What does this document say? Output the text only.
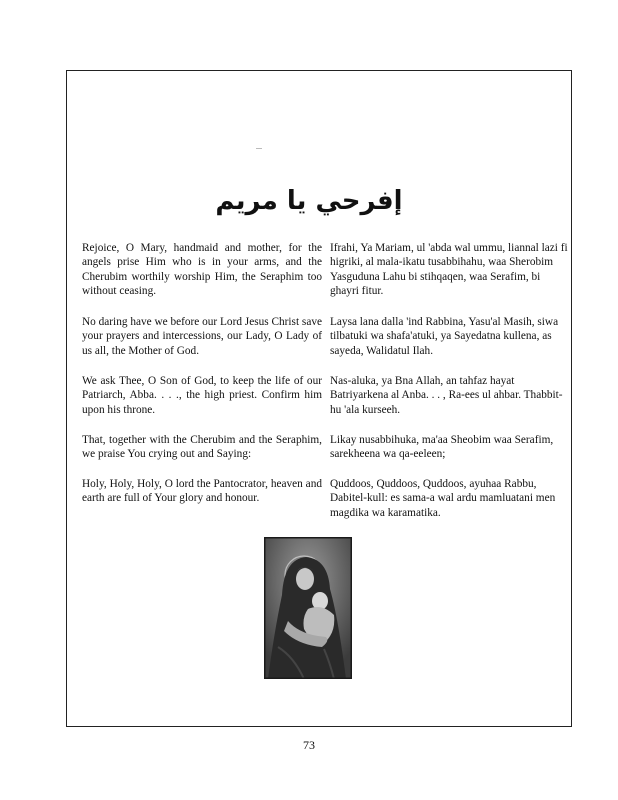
إفرحي يا مريم

Rejoice, O Mary, handmaid and mother, for the angels prise Him who is in your arms, and the Cherubim worthily worship Him, the Seraphim too without ceasing.

No daring have we before our Lord Jesus Christ save your prayers and intercessions, our Lady, O Lady of us all, the Mother of God.

We ask Thee, O Son of God, to keep the life of our Patriarch, Abba. . . ., the high priest. Confirm him upon his throne.

That, together with the Cherubim and the Seraphim, we praise You crying out and Saying:

Holy, Holy, Holy, O lord the Pantocrator, heaven and earth are full of Your glory and honour.

Ifrahi, Ya Mariam, ul 'abda wal ummu, liannal lazi fi higriki, al mala-ikatu tusabbihahu, waa Sherobim Yasguduna Lahu bi stihqaqen, waa Serafim, bi ghayri fitur.

Laysa lana dalla 'ind Rabbina, Yasu'al Masih, siwa tilbatuki wa shafa'atuki, ya Sayedatna kullena, as sayeda, Walidatul Ilah.

Nas-aluka, ya Bna Allah, an tahfaz hayat Batriyarkena al Anba. . . , Ra-ees ul ahbar. Thabbit-hu 'ala kurseeh.

Likay nusabbihuka, ma'aa Sheobim waa Serafim, sarekheena wa qa-eeleen;

Quddoos, Quddoos, Quddoos, ayuhaa Rabbu, Dabitel-kull: es sama-a wal ardu mamluatani men magdika wa karamatika.

73
